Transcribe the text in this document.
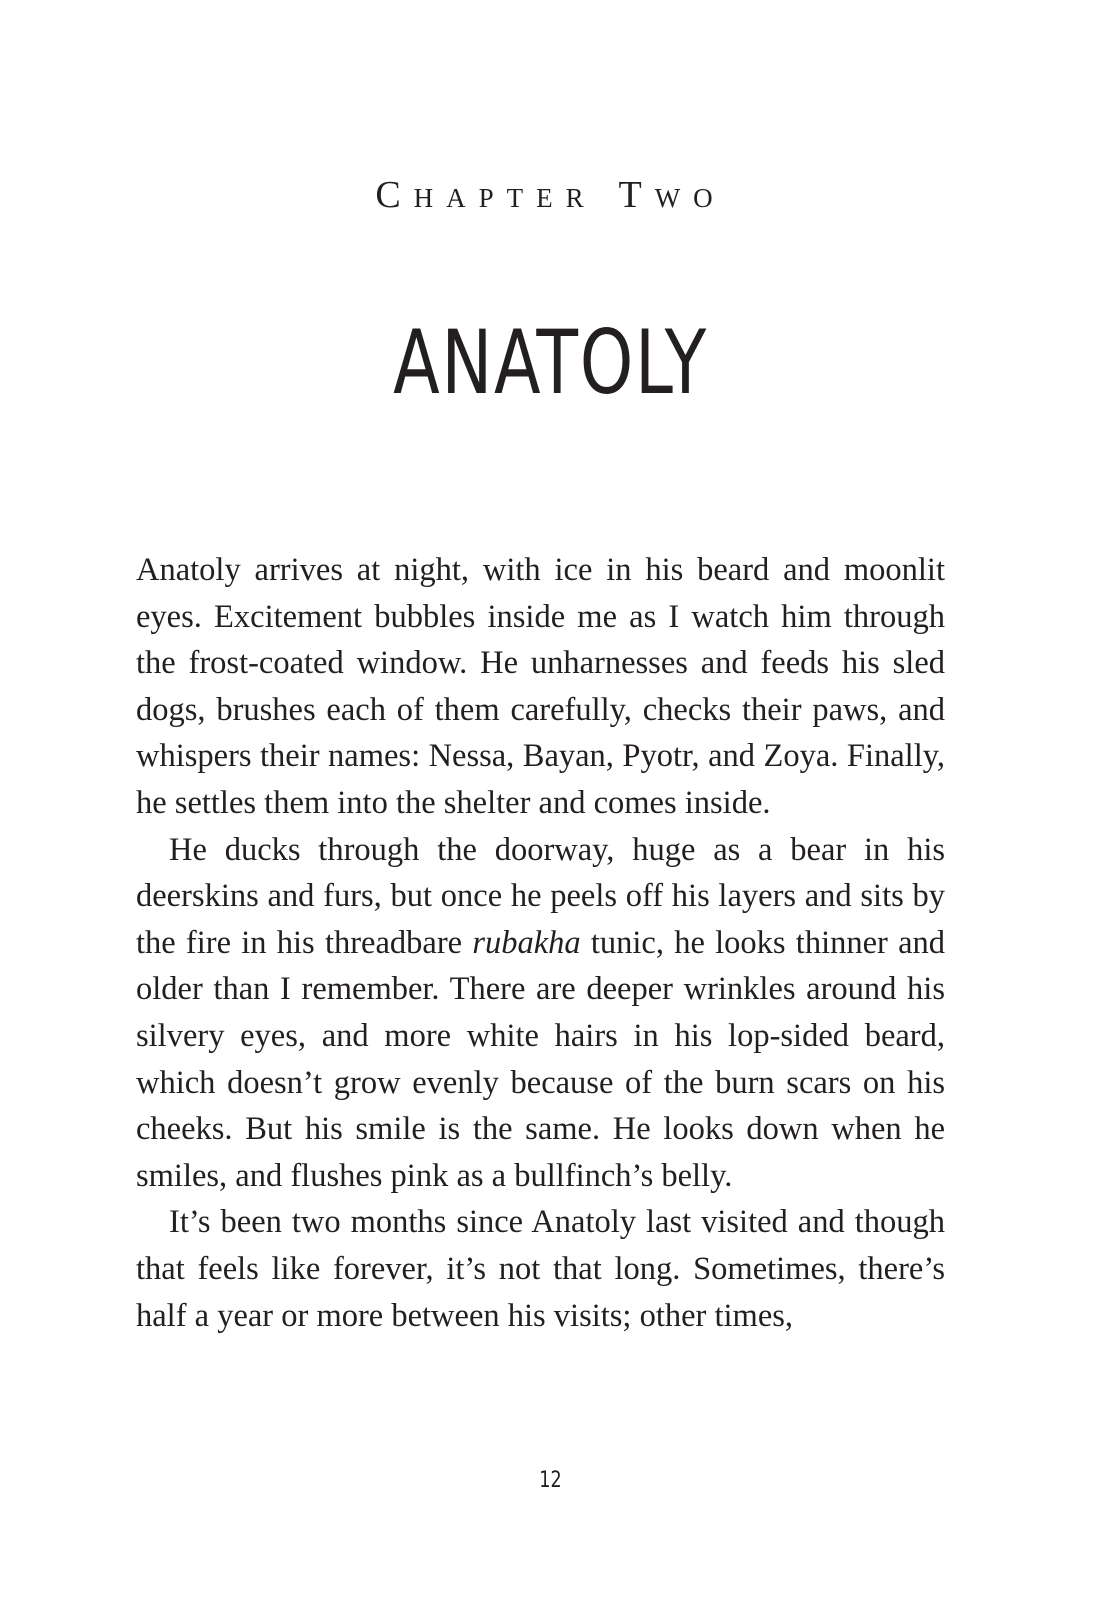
Chapter Two
ANATOLY

Anatoly arrives at night, with ice in his beard and moonlit eyes. Excitement bubbles inside me as I watch him through the frost-coated window. He unharnesses and feeds his sled dogs, brushes each of them carefully, checks their paws, and whispers their names: Nessa, Bayan, Pyotr, and Zoya. Finally, he settles them into the shelter and comes inside.

He ducks through the doorway, huge as a bear in his deerskins and furs, but once he peels off his layers and sits by the fire in his threadbare rubakha tunic, he looks thinner and older than I remember. There are deeper wrinkles around his silvery eyes, and more white hairs in his lop-sided beard, which doesn’t grow evenly because of the burn scars on his cheeks. But his smile is the same. He looks down when he smiles, and flushes pink as a bullfinch’s belly.

It’s been two months since Anatoly last visited and though that feels like forever, it’s not that long. Sometimes, there’s half a year or more between his visits; other times,

12
